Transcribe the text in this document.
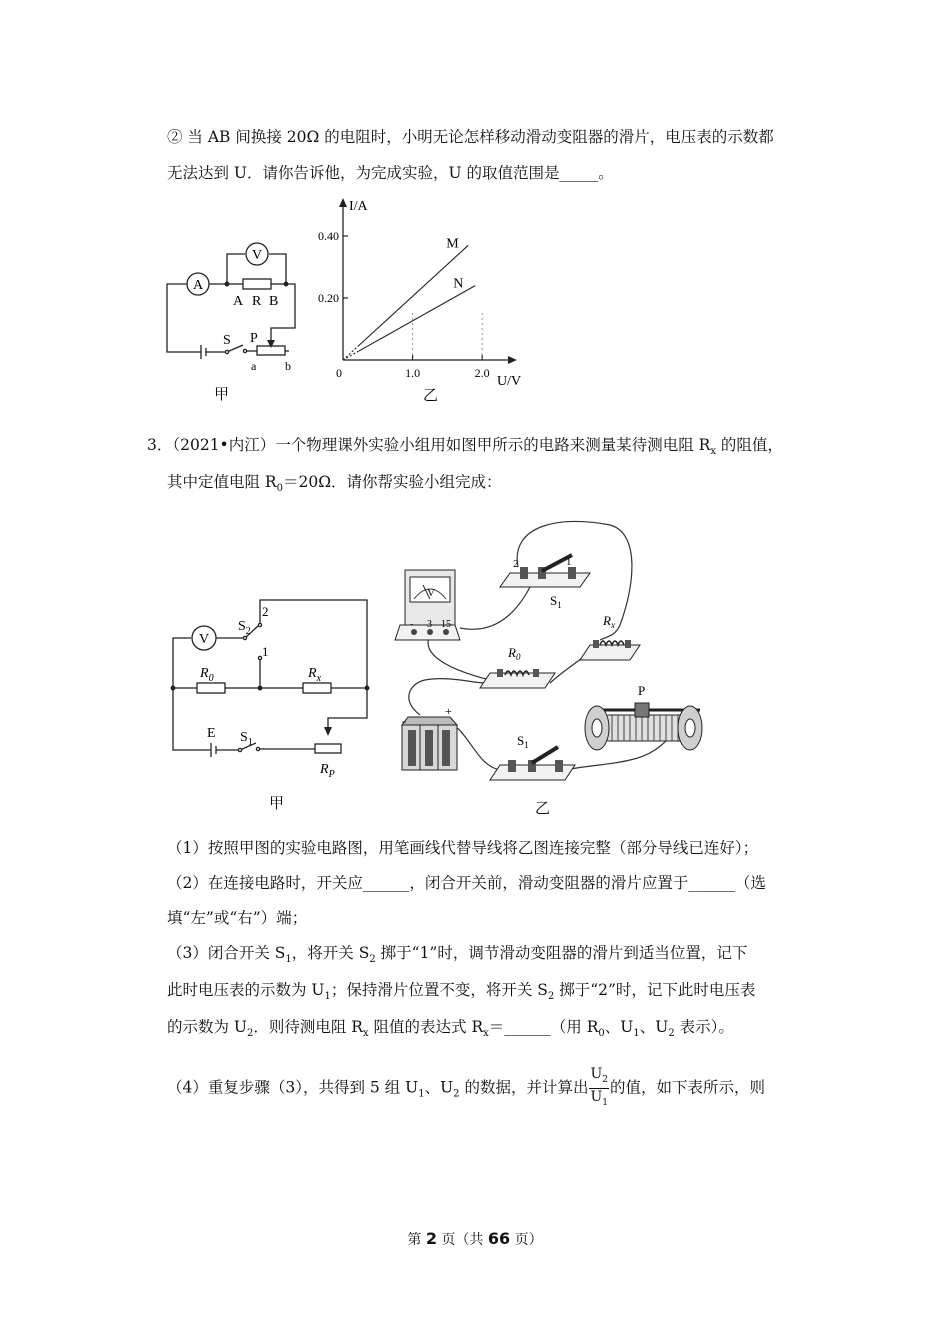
② 当 AB 间换接 20Ω 的电阻时，小明无论怎样移动滑动变阻器的滑片，电压表的示数都
无法达到 U．请你告诉他，为完成实验，U 的取值范围是_____。
A
V
A R B
S P
a b
甲
0	1.0	2.0
0.20
0.40
M
N
I/A
U/V
乙
3．（2021•内江）一个物理课外实验小组用如图甲所示的电路来测量某待测电阻 $R_x$ 的阻值，
其中定值电阻 $R_0=20\Omega$．请你帮实验小组完成：
V
$S_2$
2
1
$R_0$	$R_x$
E $S_1$
$R_P$
甲
2	1
$S_1$
V
- 3 15	$R_x$
$R_0$
-
+
$S_1$
P
乙
（1）按照甲图的实验电路图，用笔画线代替导线将乙图连接完整（部分导线已连好）；
（2）在连接电路时，开关应______，闭合开关前，滑动变阻器的滑片应置于______（选
填“左”或“右”）端；
（3）闭合开关 $S_1$，将开关 $S_2$ 掷于“1”时，调节滑动变阻器的滑片到适当位置，记下
此时电压表的示数为 $U_1$；保持滑片位置不变，将开关 $S_2$ 掷于“2”时，记下此时电压表
的示数为 $U_2$．则待测电阻 $R_x$ 阻值的表达式 $R_x=\_\_\_\_\_\_$（用 $R_0$、$U_1$、$U_2$ 表示）。
（4）重复步骤（3），共得到 5 组 $U_1$、$U_2$ 的数据，并计算出 $\frac{U_2}{U_1}$ 的值，如下表所示，则
第 2 页（共 66 页）
